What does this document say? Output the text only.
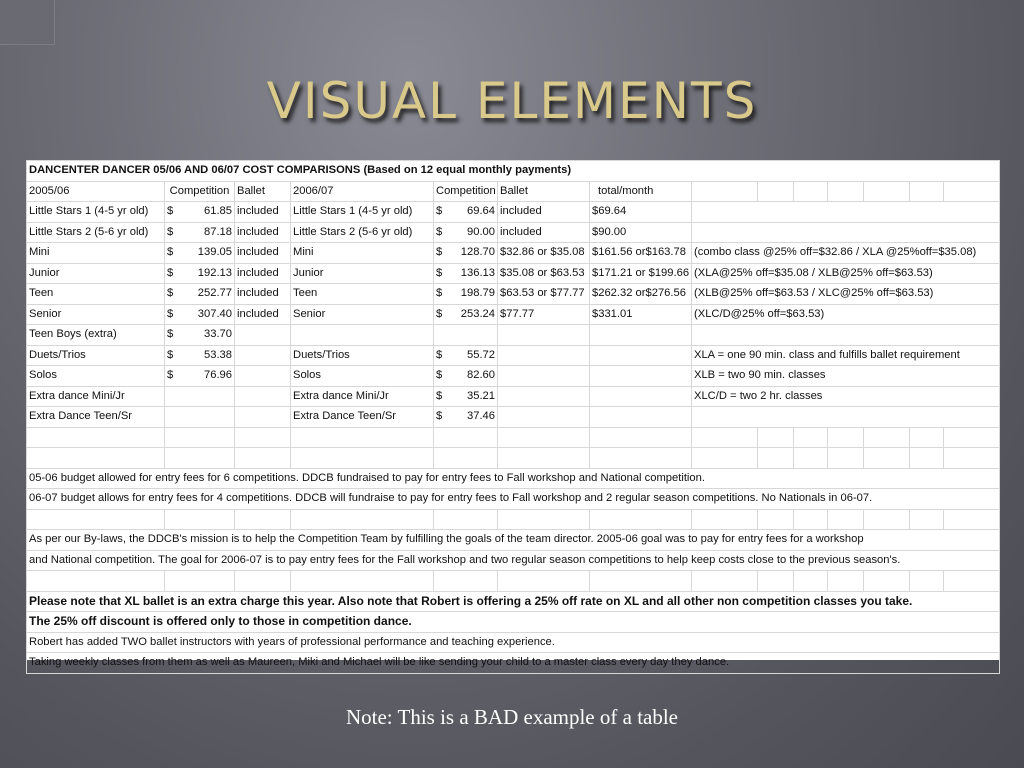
VISUAL ELEMENTS
DANCENTER DANCER 05/06 AND 06/07 COST COMPARISONS (Based on 12 equal monthly payments)													
2005/06	Competition	Ballet	2006/07	Competition	Ballet	total/month							
Little Stars 1 (4-5 yr old)	$ 61.85	included	Little Stars 1 (4-5 yr old)	$ 69.64	included	$69.64							
Little Stars 2 (5-6 yr old)	$ 87.18	included	Little Stars 2 (5-6 yr old)	$ 90.00	included	$90.00							
Mini	$ 139.05	included	Mini	$ 128.70	$32.86 or $35.08	$161.56 or$163.78	(combo class @25% off=$32.86 / XLA @25%off=$35.08)						
Junior	$ 192.13	included	Junior	$ 136.13	$35.08 or $63.53	$171.21 or $199.66	(XLA@25% off=$35.08 / XLB@25% off=$63.53)						
Teen	$ 252.77	included	Teen	$ 198.79	$63.53 or $77.77	$262.32 or$276.56	(XLB@25% off=$63.53 / XLC@25% off=$63.53)						
Senior	$ 307.40	included	Senior	$ 253.24	$77.77	$331.01	(XLC/D@25% off=$63.53)						
Teen Boys (extra)	$ 33.70												

Duets/Trios	$ 53.38		Duets/Trios	$ 55.72			XLA = one 90 min. class and fulfills ballet requirement						
Solos	$ 76.96		Solos	$ 82.60			XLB = two 90 min. classes						
Extra dance Mini/Jr			Extra dance Mini/Jr	$ 35.21			XLC/D = two 2 hr. classes						
Extra Dance Teen/Sr			Extra Dance Teen/Sr	$ 37.46									

05-06 budget allowed for entry fees for 6 competitions. DDCB fundraised to pay for entry fees to Fall workshop and National competition.													
06-07 budget allows for entry fees for 4 competitions. DDCB will fundraise to pay for entry fees to Fall workshop and 2 regular season competitions. No Nationals in 06-07.													

As per our By-laws, the DDCB's mission is to help the Competition Team by fulfilling the goals of the team director. 2005-06 goal was to pay for entry fees for a workshop													
and National competition. The goal for 2006-07 is to pay entry fees for the Fall workshop and two regular season competitions to help keep costs close to the previous season's.													

Please note that XL ballet is an extra charge this year. Also note that Robert is offering a 25% off rate on XL and all other non competition classes you take.													
The 25% off discount is offered only to those in competition dance.													
Robert has added TWO ballet instructors with years of professional performance and teaching experience.													
Taking weekly classes from them as well as Maureen, Miki and Michael will be like sending your child to a master class every day they dance.													
Note: This is a BAD example of a table
